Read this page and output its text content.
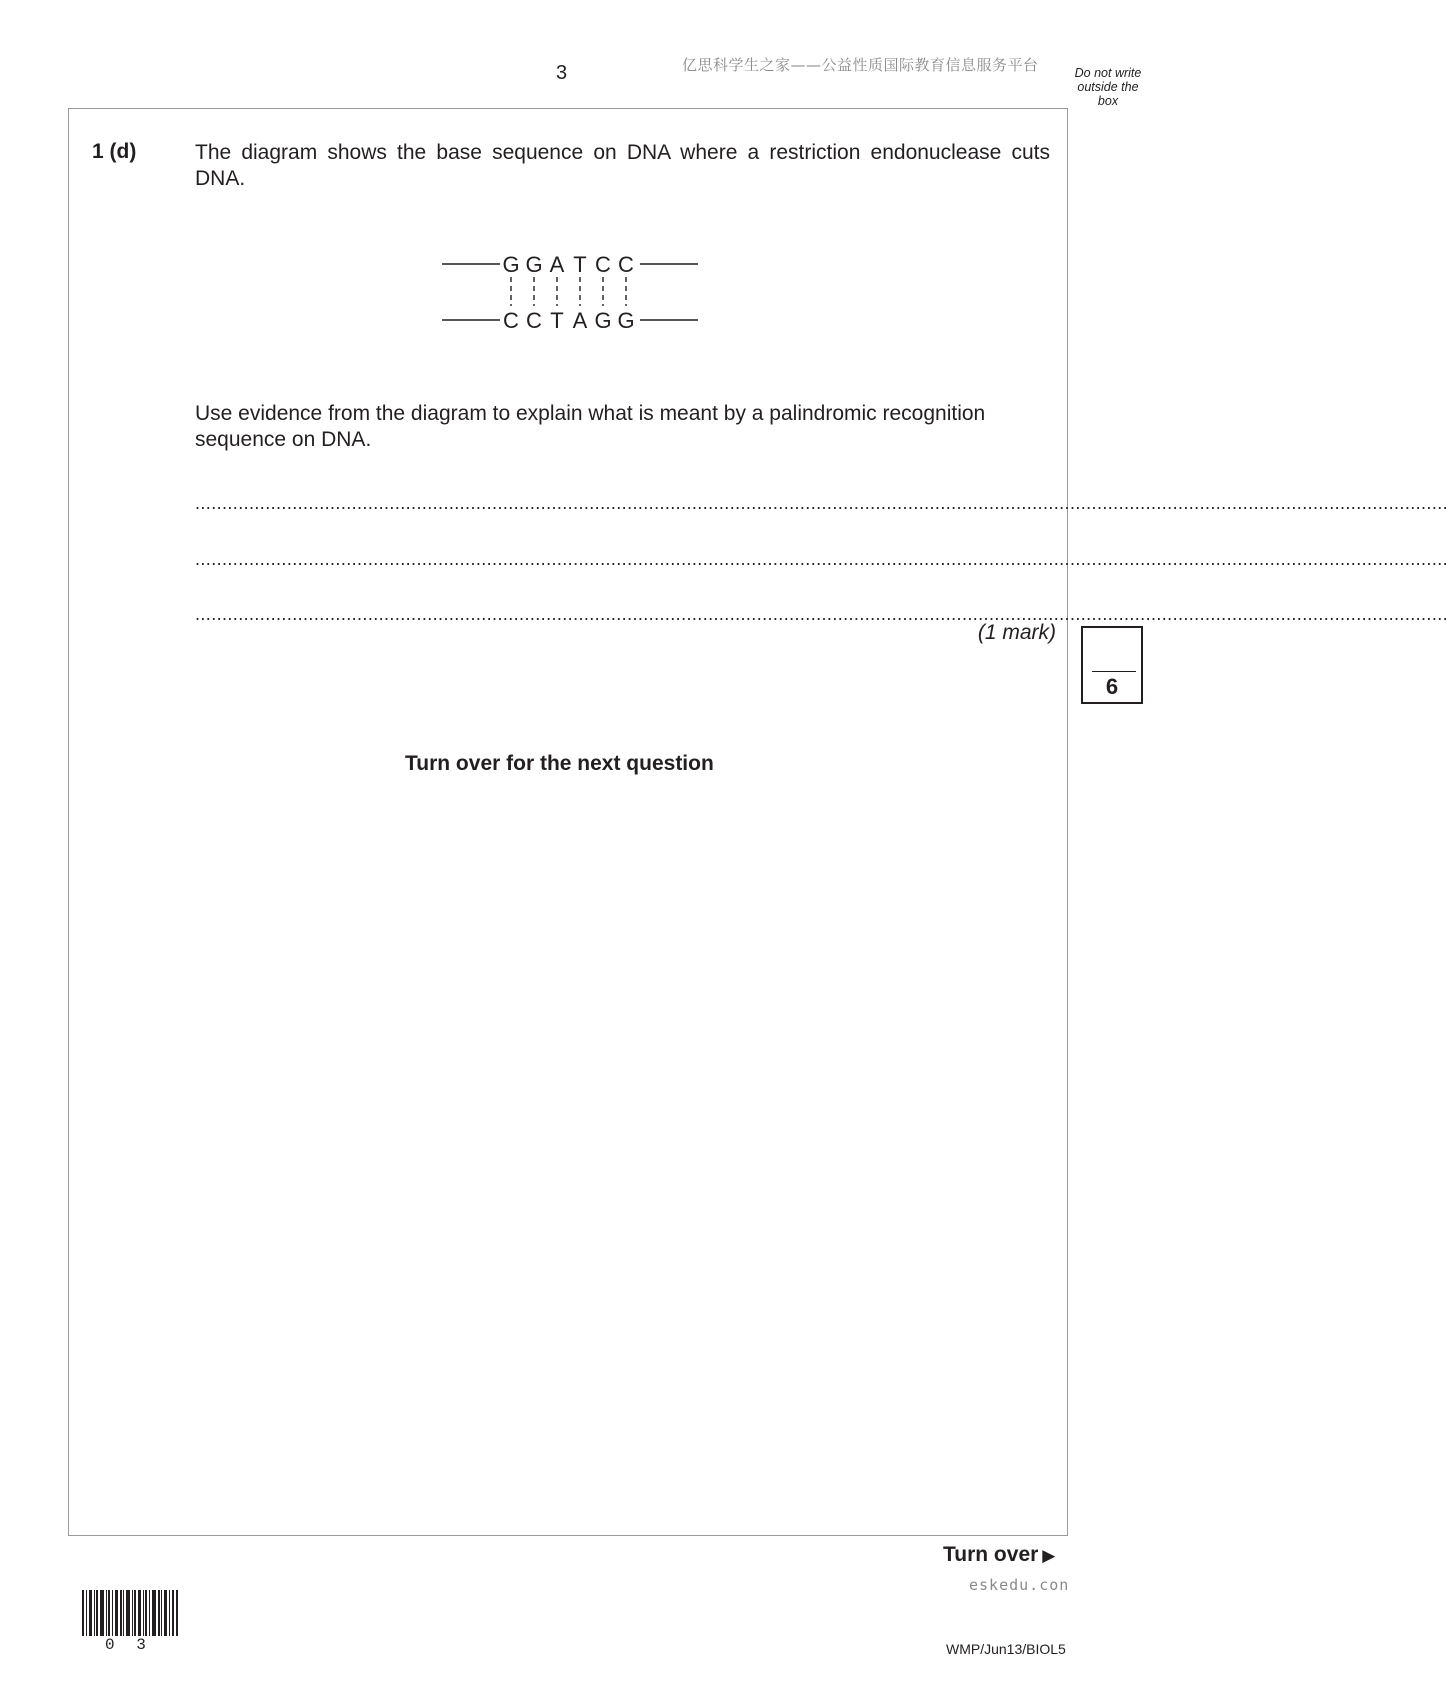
3	亿思科学生之家——公益性质国际教育信息服务平台	Do not write outside the box
1 (d)	The diagram shows the base sequence on DNA where a restriction endonuclease cuts DNA.
G G A T C C
C C T A G G
Use evidence from the diagram to explain what is meant by a palindromic recognition sequence on DNA.
........................................................................................................................................................................................................................................
........................................................................................................................................................................................................................................
........................................................................................................................................................................................................................................
(1 mark)
6
Turn over for the next question
Turn over ▶
eskedu.con
0 3	WMP/Jun13/BIOL5
